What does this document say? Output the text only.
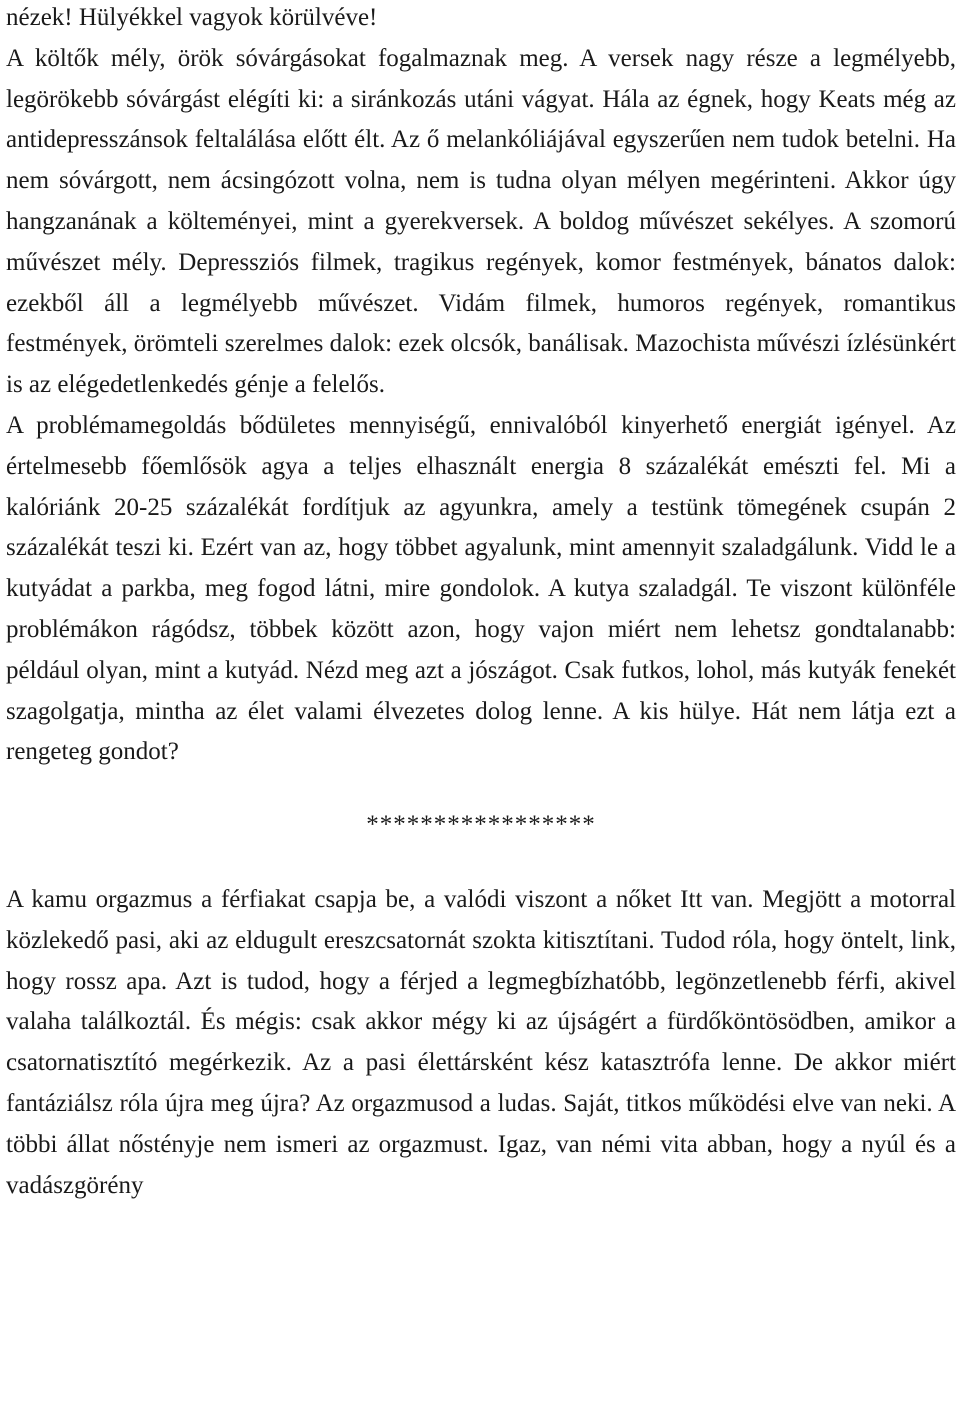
nézek! Hülyékkel vagyok körülvéve!

A költők mély, örök sóvárgásokat fogalmaznak meg. A versek nagy része a legmélyebb, legörökebb sóvárgást elégíti ki: a siránkozás utáni vágyat. Hála az égnek, hogy Keats még az antidepresszánsok feltalálása előtt élt. Az ő melankóliájával egyszerűen nem tudok betelni. Ha nem sóvárgott, nem ácsingózott volna, nem is tudna olyan mélyen megérinteni. Akkor úgy hangzanának a költeményei, mint a gyerekversek. A boldog művészet sekélyes. A szomorú művészet mély. Depressziós filmek, tragikus regények, komor festmények, bánatos dalok: ezekből áll a legmélyebb művészet. Vidám filmek, humoros regények, romantikus festmények, örömteli szerelmes dalok: ezek olcsók, banálisak. Mazochista művészi ízlésünkért is az elégedetlenkedés génje a felelős.

A problémamegoldás bődületes mennyiségű, ennivalóból kinyerhető energiát igényel. Az értelmesebb főemlősök agya a teljes elhasznált energia 8 százalékát emészti fel. Mi a kalóriánk 20-25 százalékát fordítjuk az agyunkra, amely a testünk tömegének csupán 2 százalékát teszi ki. Ezért van az, hogy többet agyalunk, mint amennyit szaladgálunk. Vidd le a kutyádat a parkba, meg fogod látni, mire gondolok. A kutya szaladgál. Te viszont különféle problémákon rágódsz, többek között azon, hogy vajon miért nem lehetsz gondtalanabb: például olyan, mint a kutyád. Nézd meg azt a jószágot. Csak futkos, lohol, más kutyák fenekét szagolgatja, mintha az élet valami élvezetes dolog lenne. A kis hülye. Hát nem látja ezt a rengeteg gondot?

*****************

A kamu orgazmus a férfiakat csapja be, a valódi viszont a nőket Itt van. Megjött a motorral közlekedő pasi, aki az eldugult ereszcsatornát szokta kitisztítani. Tudod róla, hogy öntelt, link, hogy rossz apa. Azt is tudod, hogy a férjed a legmegbízhatóbb, legönzetlenebb férfi, akivel valaha találkoztál. És mégis: csak akkor mégy ki az újságért a fürdőköntösödben, amikor a csatornatisztító megérkezik. Az a pasi élettársként kész katasztrófa lenne. De akkor miért fantáziálsz róla újra meg újra? Az orgazmusod a ludas. Saját, titkos működési elve van neki. A többi állat nőstényje nem ismeri az orgazmust. Igaz, van némi vita abban, hogy a nyúl és a vadászgörény
